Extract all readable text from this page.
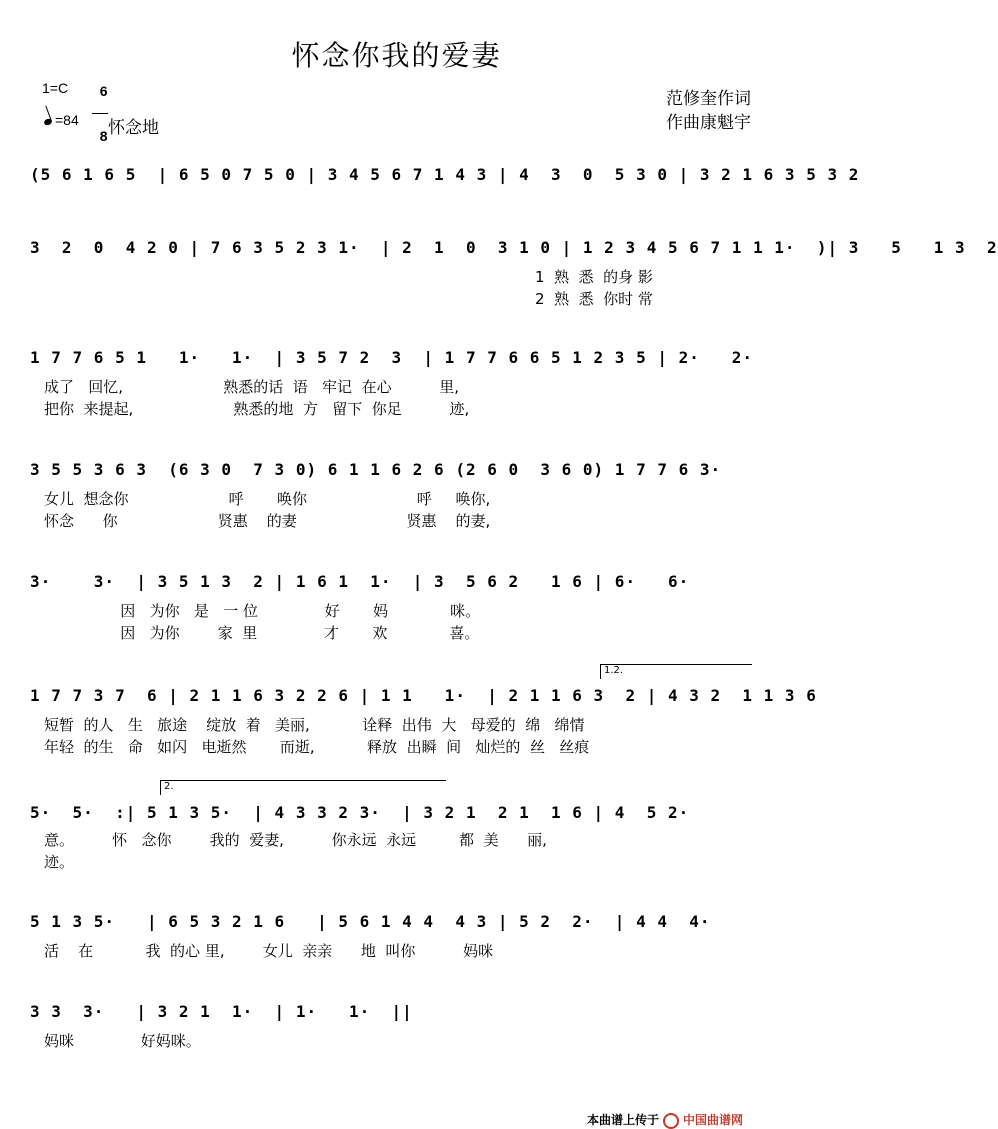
怀念你我的爱妻
1=C	6

8

=84 怀念地
范修奎作词
作曲康魁宇
(5 6 1 6 5  | 6 5 0 7 5 0 | 3 4 5 6 7 1 4 3 | 4  3  0  5 3 0 | 3 2 1 6 3 5 3 2
3  2  0  4 2 0 | 7 6 3 5 2 3 1·  | 2  1  0  3 1 0 | 1 2 3 4 5 6 7 1 1 1·  )| 3   5   1 3  2
1  熟  悉  的身 影
2  熟  悉  你时 常
1 7 7 6 5 1   1·   1·  | 3 5 7 2  3  | 1 7 7 6 6 5 1 2 3 5 | 2·   2·
成了   回忆,                     熟悉的话  语   牢记  在心          里,
把你  来提起,                     熟悉的地  方   留下  你足          迹,
3 5 5 3 6 3  (6 3 0  7 3 0) 6 1 1 6 2 6 (2 6 0  3 6 0) 1 7 7 6 3·
女儿  想念你                     呼       唤你                       呼     唤你,
怀念      你                     贤惠    的妻                       贤惠    的妻,
3·    3·  | 3 5 1 3  2 | 1 6 1  1·  | 3  5 6 2   1 6 | 6·   6·
因   为你   是   一 位              好       妈             咪。
因   为你        家  里              才       欢             喜。
1.2.
1 7 7 3 7  6 | 2 1 1 6 3 2 2 6 | 1 1   1·  | 2 1 1 6 3  2 | 4 3 2  1 1 3 6
短暂  的人   生   旅途    绽放  着   美丽,           诠释  出伟  大   母爱的  绵   绵情
年轻  的生   命   如闪   电逝然       而逝,           释放  出瞬  间   灿烂的  丝   丝痕
2.
5·  5·  :| 5 1 3 5·  | 4 3 3 2 3·  | 3 2 1  2 1  1 6 | 4  5 2·
意。        怀   念你        我的  爱妻,          你永远  永远         都  美      丽,
迹。
5 1 3 5·   | 6 5 3 2 1 6   | 5 6 1 4 4  4 3 | 5 2  2·  | 4 4  4·
活    在           我  的心 里,        女儿  亲亲      地  叫你          妈咪
3 3  3·   | 3 2 1  1·  | 1·   1·  ||
妈咪              好妈咪。

本曲谱上传于 中国曲谱网
